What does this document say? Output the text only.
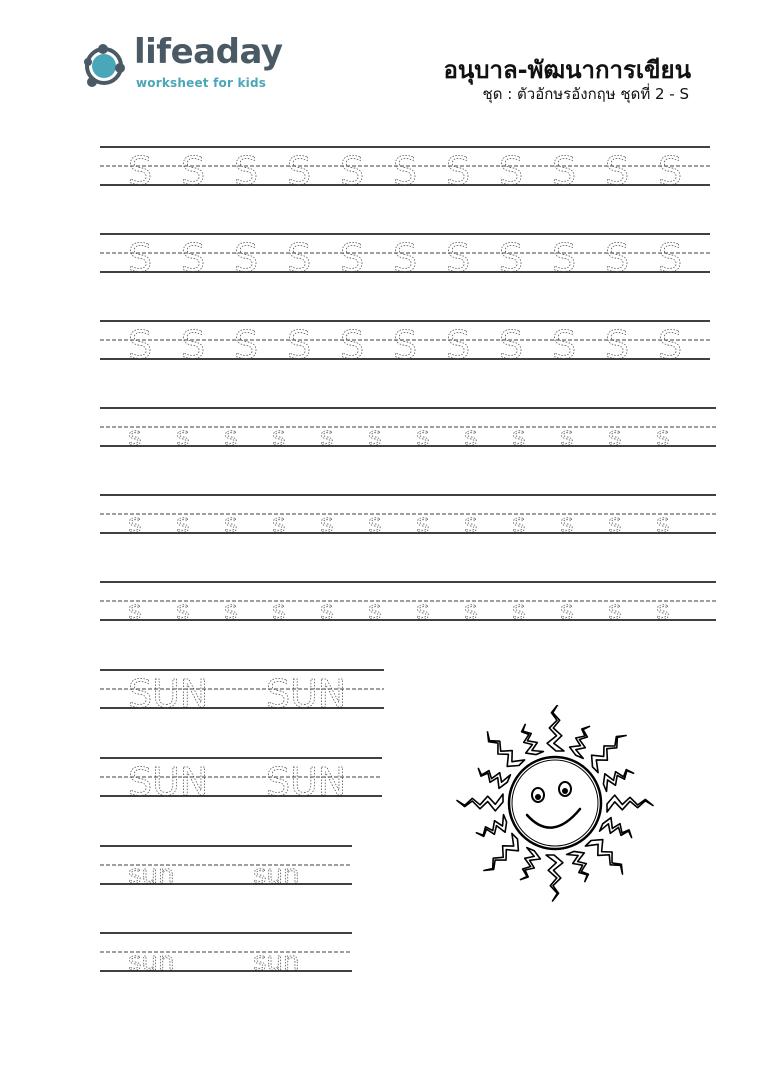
lifeaday
worksheet for kids	อนุบาล-พัฒนาการเขียน
ชุด : ตัวอักษรอังกฤษ ชุดที่ 2 - S
S S S S S S S S S S S
S S S S S S S S S S S
S S S S S S S S S S S
s s s s s s s s s s s s
s s s s s s s s s s s s
s s s s s s s s s s s s
SUN SUN
SUN SUN
sun	sun
sun	sun
